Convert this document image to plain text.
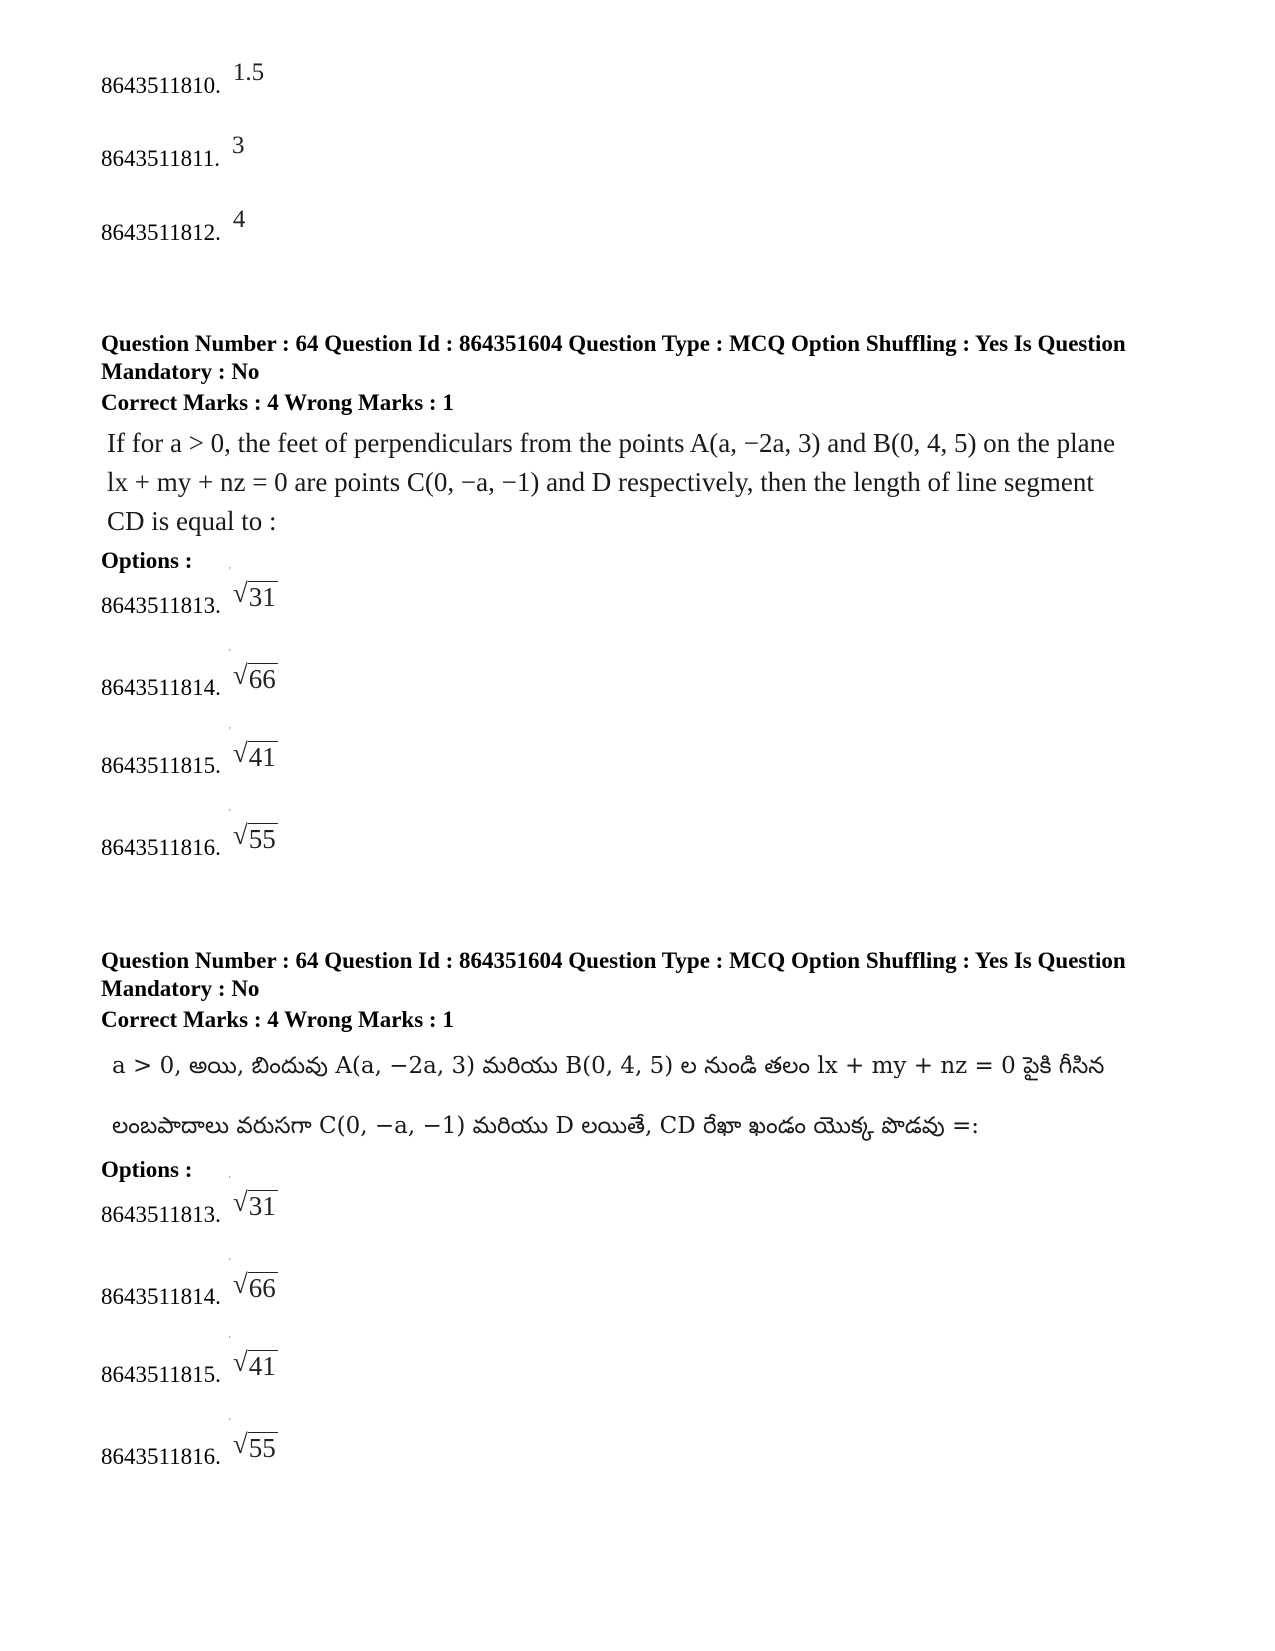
8643511810. 1.5
8643511811. 3
8643511812. 4
Question Number : 64 Question Id : 864351604 Question Type : MCQ Option Shuffling : Yes Is Question Mandatory : No
Correct Marks : 4 Wrong Marks : 1
If for a > 0, the feet of perpendiculars from the points A(a, −2a, 3) and B(0, 4, 5) on the plane
lx + my + nz = 0 are points C(0, −a, −1) and D respectively, then the length of line segment
CD is equal to :
Options :
8643511813.
'
√ 31
8643511814.
'
√ 66
8643511815.
'
√ 41
8643511816.
'
√ 55
Question Number : 64 Question Id : 864351604 Question Type : MCQ Option Shuffling : Yes Is Question Mandatory : No
Correct Marks : 4 Wrong Marks : 1
a > 0, అయి, బిందువు A(a, −2a, 3) మరియు B(0, 4, 5) ల నుండి తలం lx + my + nz = 0 పైకి గీసిన
లంబపాదాలు వరుసగా C(0, −a, −1) మరియు D లయితే, CD రేఖా ఖండం యొక్క పొడవు =:
Options :
8643511813.
'
√ 31
8643511814.
'
√ 66
8643511815.
'
√ 41
8643511816.
'
√ 55
